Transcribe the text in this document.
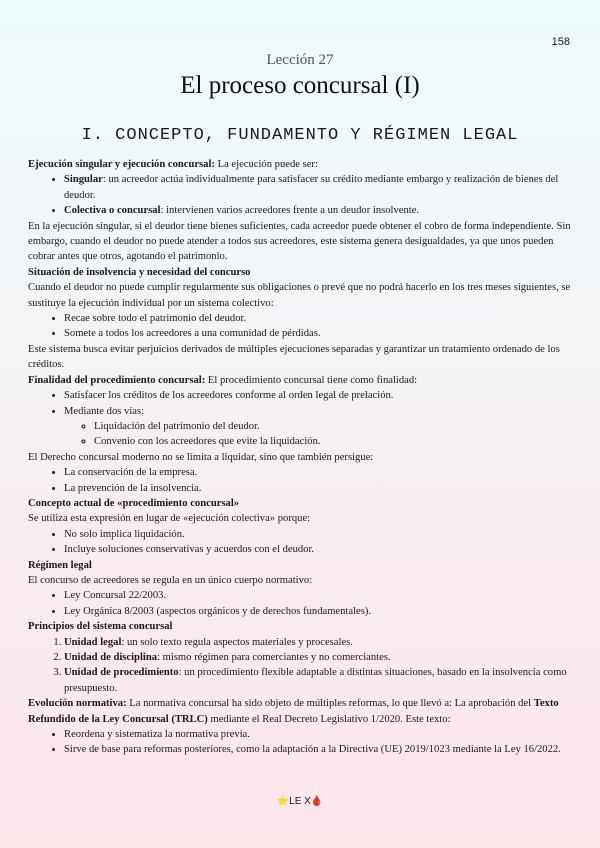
158
Lección 27
El proceso concursal (I)
I. CONCEPTO, FUNDAMENTO Y RÉGIMEN LEGAL

Ejecución singular y ejecución concursal: La ejecución puede ser:

• Singular: un acreedor actúa individualmente para satisfacer su crédito mediante embargo y realización de bienes del deudor.
• Colectiva o concursal: intervienen varios acreedores frente a un deudor insolvente.

En la ejecución singular, si el deudor tiene bienes suficientes, cada acreedor puede obtener el cobro de forma independiente. Sin embargo, cuando el deudor no puede atender a todos sus acreedores, este sistema genera desigualdades, ya que unos pueden cobrar antes que otros, agotando el patrimonio.

Situación de insolvencia y necesidad del concurso

Cuando el deudor no puede cumplir regularmente sus obligaciones o prevé que no podrá hacerlo en los tres meses siguientes, se sustituye la ejecución individual por un sistema colectivo:

• Recae sobre todo el patrimonio del deudor.
• Somete a todos los acreedores a una comunidad de pérdidas.

Este sistema busca evitar perjuicios derivados de múltiples ejecuciones separadas y garantizar un tratamiento ordenado de los créditos.

Finalidad del procedimiento concursal: El procedimiento concursal tiene como finalidad:

• Satisfacer los créditos de los acreedores conforme al orden legal de prelación.
• Mediante dos vías:
◦ Liquidación del patrimonio del deudor.
◦ Convenio con los acreedores que evite la liquidación.

El Derecho concursal moderno no se limita a liquidar, sino que también persigue:

• La conservación de la empresa.
• La prevención de la insolvencia.

Concepto actual de «procedimiento concursal»

Se utiliza esta expresión en lugar de «ejecución colectiva» porque:

• No solo implica liquidación.
• Incluye soluciones conservativas y acuerdos con el deudor.

Régimen legal

El concurso de acreedores se regula en un único cuerpo normativo:

• Ley Concursal 22/2003.
• Ley Orgánica 8/2003 (aspectos orgánicos y de derechos fundamentales).

Principios del sistema concursal

1. Unidad legal: un solo texto regula aspectos materiales y procesales.
2. Unidad de disciplina: mismo régimen para comerciantes y no comerciantes.
3. Unidad de procedimiento: un procedimiento flexible adaptable a distintas situaciones, basado en la insolvencia como presupuesto.

Evolución normativa: La normativa concursal ha sido objeto de múltiples reformas, lo que llevó a: La aprobación del Texto Refundido de la Ley Concursal (TRLC) mediante el Real Decreto Legislativo 1/2020. Este texto:

• Reordena y sistematiza la normativa previa.
• Sirve de base para reformas posteriores, como la adaptación a la Directiva (UE) 2019/1023 mediante la Ley 16/2022.
⭐LE X🩸
